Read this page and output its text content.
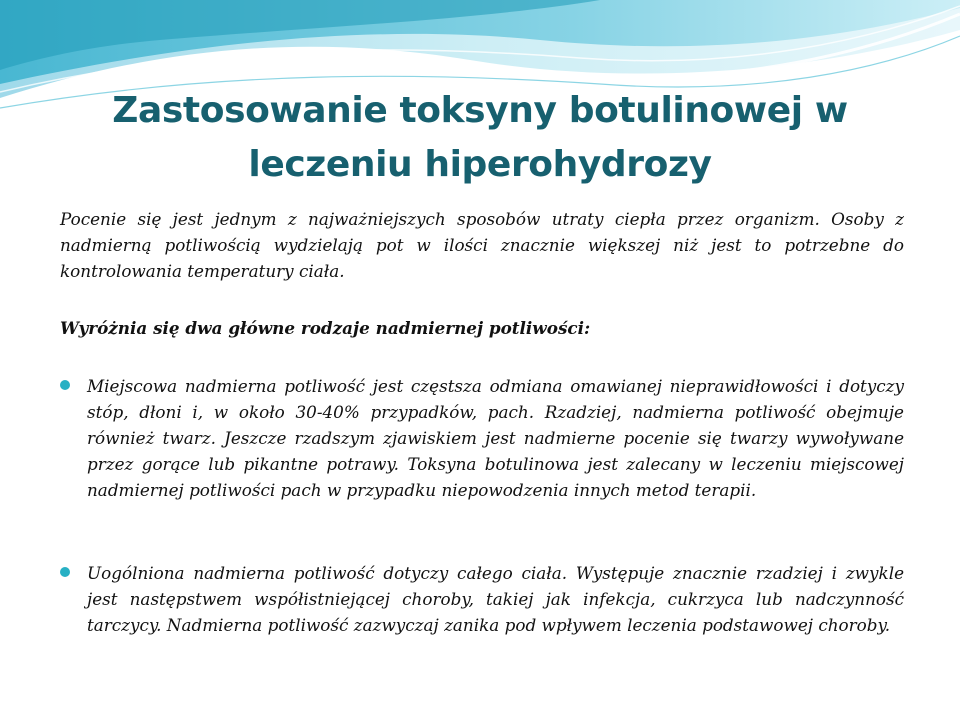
Zastosowanie toksyny botulinowej w
leczeniu hiperohydrozy
Pocenie się jest jednym z najważniejszych sposobów utraty ciepła przez organizm. Osoby z nadmierną potliwością wydzielają pot w ilości znacznie większej niż jest to potrzebne do kontrolowania temperatury ciała.
Wyróżnia się dwa główne rodzaje nadmiernej potliwości:
Miejscowa nadmierna potliwość jest częstsza odmiana omawianej nieprawidłowości i dotyczy stóp, dłoni i, w około 30-40% przypadków, pach. Rzadziej, nadmierna potliwość obejmuje również twarz. Jeszcze rzadszym zjawiskiem jest nadmierne pocenie się twarzy wywoływane przez gorące lub pikantne potrawy. Toksyna botulinowa jest zalecany w leczeniu miejscowej nadmiernej potliwości pach w przypadku niepowodzenia innych metod terapii.
Uogólniona nadmierna potliwość dotyczy całego ciała. Występuje znacznie rzadziej i zwykle jest następstwem współistniejącej choroby, takiej jak infekcja, cukrzyca lub nadczynność tarczycy. Nadmierna potliwość zazwyczaj zanika pod wpływem leczenia podstawowej choroby.
